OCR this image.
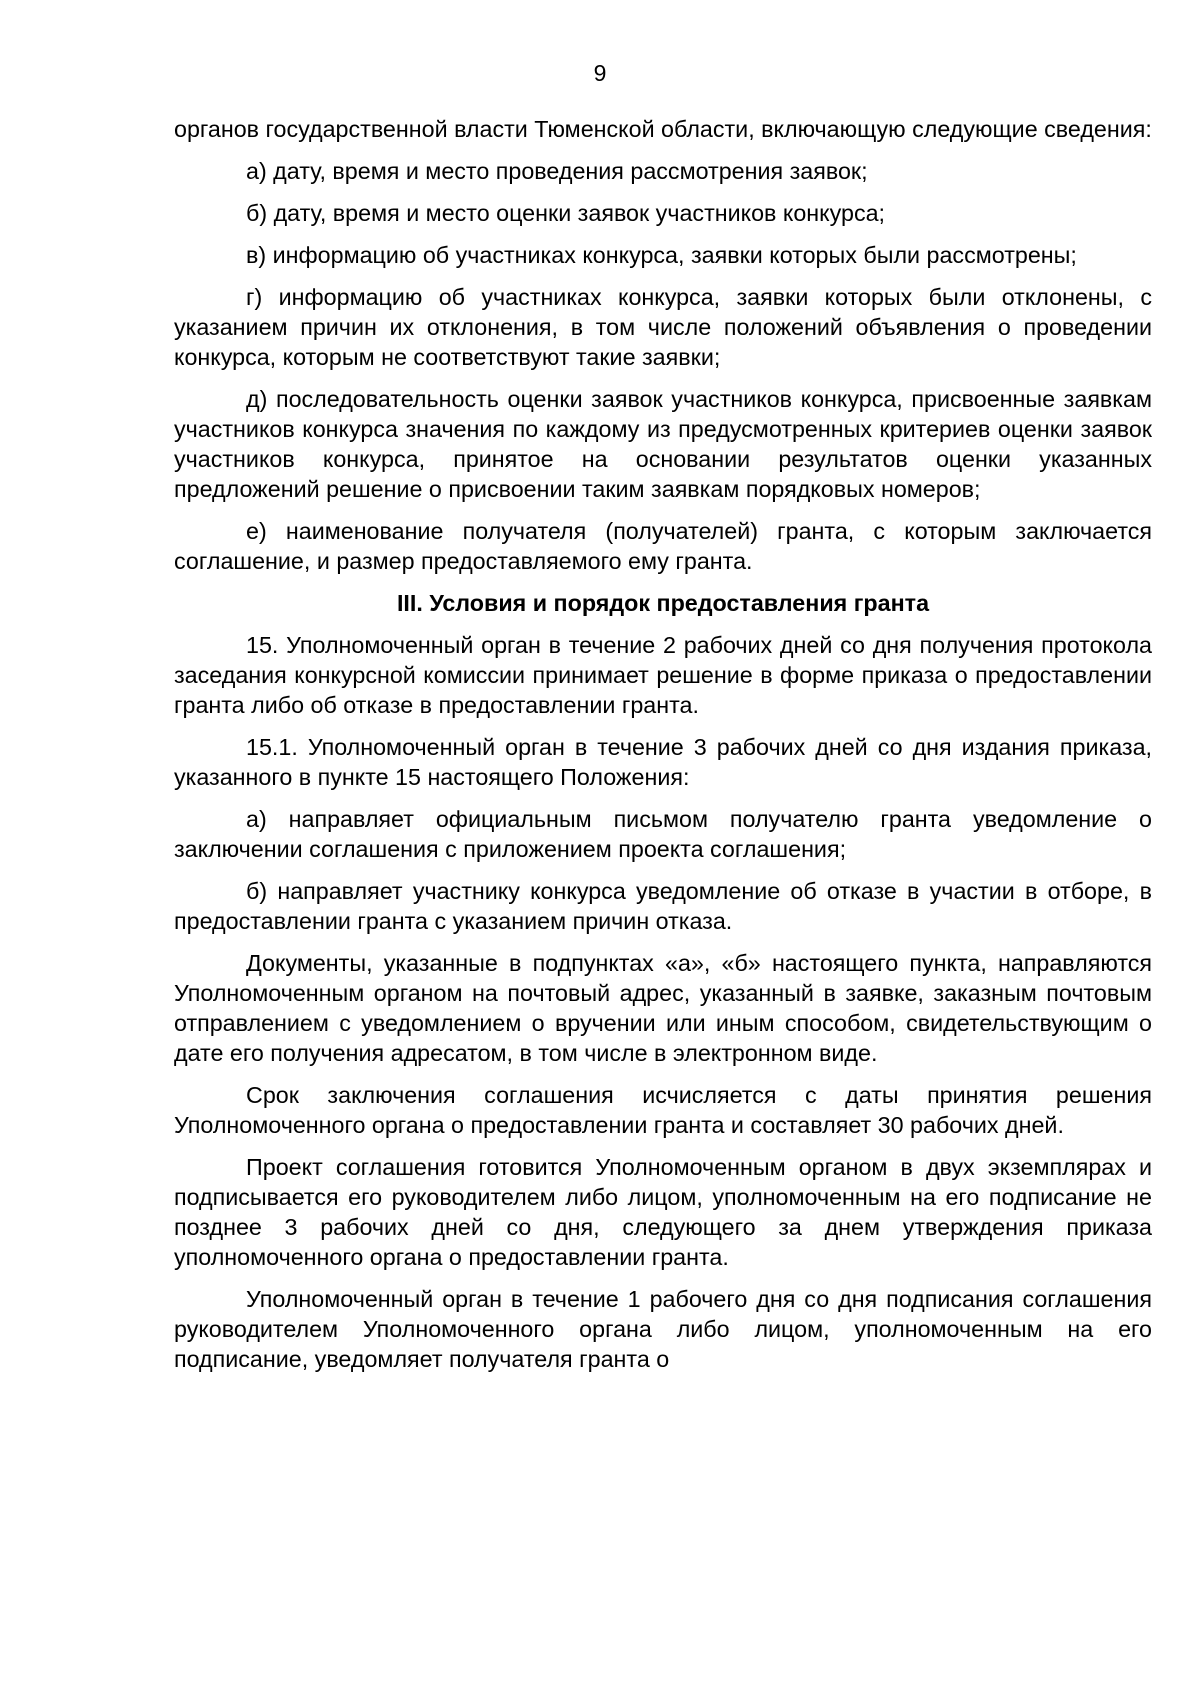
9

органов государственной власти Тюменской области, включающую следующие сведения:

а) дату, время и место проведения рассмотрения заявок;

б) дату, время и место оценки заявок участников конкурса;

в) информацию об участниках конкурса, заявки которых были рассмотрены;

г) информацию об участниках конкурса, заявки которых были отклонены, с указанием причин их отклонения, в том числе положений объявления о проведении конкурса, которым не соответствуют такие заявки;

д) последовательность оценки заявок участников конкурса, присвоенные заявкам участников конкурса значения по каждому из предусмотренных критериев оценки заявок участников конкурса, принятое на основании результатов оценки указанных предложений решение о присвоении таким заявкам порядковых номеров;

е) наименование получателя (получателей) гранта, с которым заключается соглашение, и размер предоставляемого ему гранта.

III. Условия и порядок предоставления гранта

15. Уполномоченный орган в течение 2 рабочих дней со дня получения протокола заседания конкурсной комиссии принимает решение в форме приказа о предоставлении гранта либо об отказе в предоставлении гранта.

15.1. Уполномоченный орган в течение 3 рабочих дней со дня издания приказа, указанного в пункте 15 настоящего Положения:

а) направляет официальным письмом получателю гранта уведомление о заключении соглашения с приложением проекта соглашения;

б) направляет участнику конкурса уведомление об отказе в участии в отборе, в предоставлении гранта с указанием причин отказа.

Документы, указанные в подпунктах «а», «б» настоящего пункта, направляются Уполномоченным органом на почтовый адрес, указанный в заявке, заказным почтовым отправлением с уведомлением о вручении или иным способом, свидетельствующим о дате его получения адресатом, в том числе в электронном виде.

Срок заключения соглашения исчисляется с даты принятия решения Уполномоченного органа о предоставлении гранта и составляет 30 рабочих дней.

Проект соглашения готовится Уполномоченным органом в двух экземплярах и подписывается его руководителем либо лицом, уполномоченным на его подписание не позднее 3 рабочих дней со дня, следующего за днем утверждения приказа уполномоченного органа о предоставлении гранта.

Уполномоченный орган в течение 1 рабочего дня со дня подписания соглашения руководителем Уполномоченного органа либо лицом, уполномоченным на его подписание, уведомляет получателя гранта о
